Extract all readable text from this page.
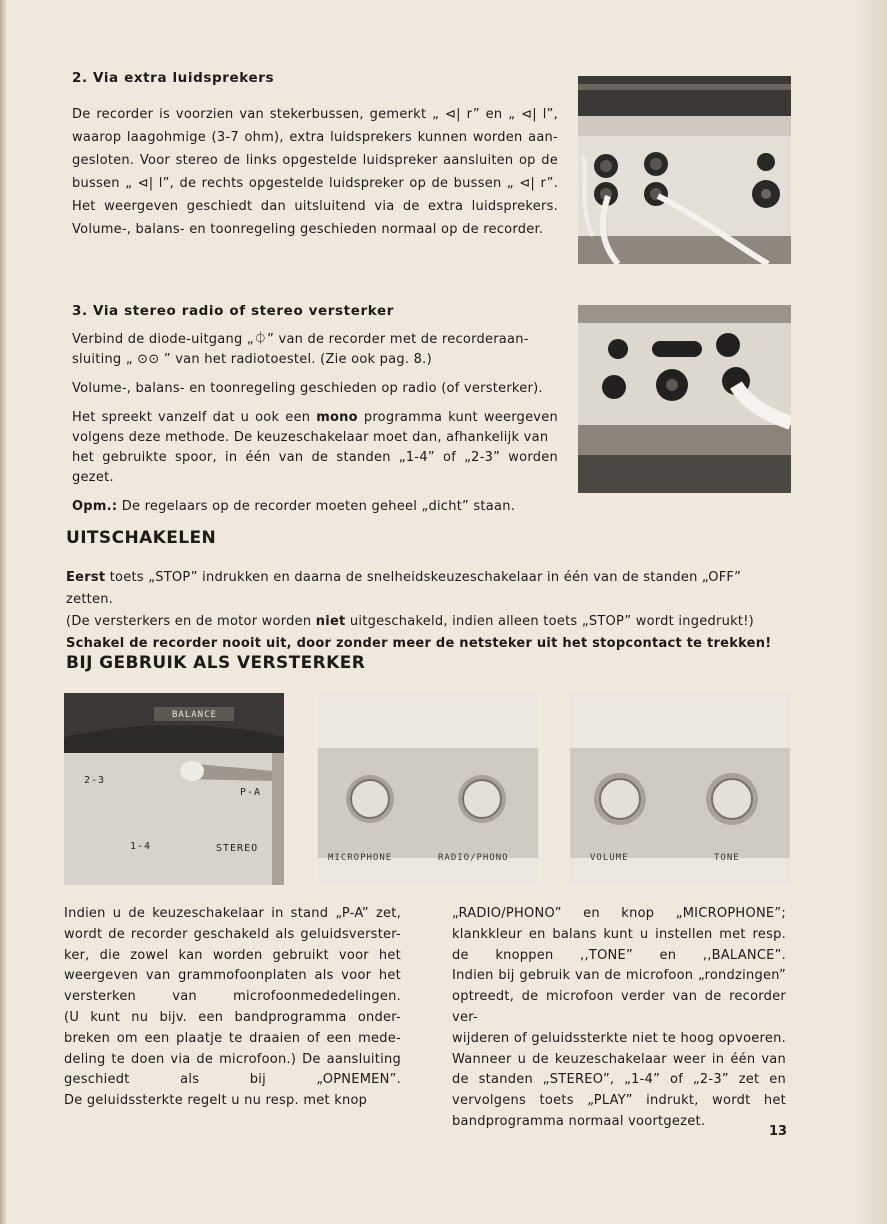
2. Via extra luidsprekers

De recorder is voorzien van stekerbussen, gemerkt „ ⊲| r” en „ ⊲| l”,

waarop laagohmige (3-7 ohm), extra luidsprekers kunnen worden aan-

gesloten. Voor stereo de links opgestelde luidspreker aansluiten op de

bussen „ ⊲| l”, de rechts opgestelde luidspreker op de bussen „ ⊲| r”.

Het weergeven geschiedt dan uitsluitend via de extra luidsprekers.

Volume-, balans- en toonregeling geschieden normaal op de recorder.

3. Via stereo radio of stereo versterker

Verbind de diode-uitgang „⏀” van de recorder met de recorderaan-

sluiting „ ⊙⊙ ” van het radiotoestel. (Zie ook pag. 8.)

Volume-, balans- en toonregeling geschieden op radio (of versterker).

Het spreekt vanzelf dat u ook een mono programma kunt weergeven

volgens deze methode. De keuzeschakelaar moet dan, afhankelijk van

het gebruikte spoor, in één van de standen „1-4” of „2-3” worden gezet.

Opm.: De regelaars op de recorder moeten geheel „dicht” staan.

UITSCHAKELEN
Eerst toets „STOP” indrukken en daarna de snelheidskeuzeschakelaar in één van de standen „OFF” zetten.
(De versterkers en de motor worden niet uitgeschakeld, indien alleen toets „STOP” wordt ingedrukt!)
Schakel de recorder nooit uit, door zonder meer de netsteker uit het stopcontact te trekken!
BIJ GEBRUIK ALS VERSTERKER
BALANCE
2-3
P-A
1-4	STEREO
MICROPHONE	RADIO/PHONO	VOLUME	TONE

Indien u de keuzeschakelaar in stand „P-A” zet,

wordt de recorder geschakeld als geluidsverster-

ker, die zowel kan worden gebruikt voor het

weergeven van grammofoonplaten als voor het

versterken van microfoonmededelingen.

(U kunt nu bijv. een bandprogramma onder-

breken om een plaatje te draaien of een mede-

deling te doen via de microfoon.) De aansluiting

geschiedt als bij „OPNEMEN”.

De geluidssterkte regelt u nu resp. met knop

„RADIO/PHONO” en knop „MICROPHONE”;

klankkleur en balans kunt u instellen met resp.

de knoppen ,,TONE” en ,,BALANCE”.

Indien bij gebruik van de microfoon „rondzingen”

optreedt, de microfoon verder van de recorder ver-

wijderen of geluidssterkte niet te hoog opvoeren.

Wanneer u de keuzeschakelaar weer in één van

de standen „STEREO”, „1-4” of „2-3” zet en

vervolgens toets „PLAY” indrukt, wordt het

bandprogramma normaal voortgezet.

13
